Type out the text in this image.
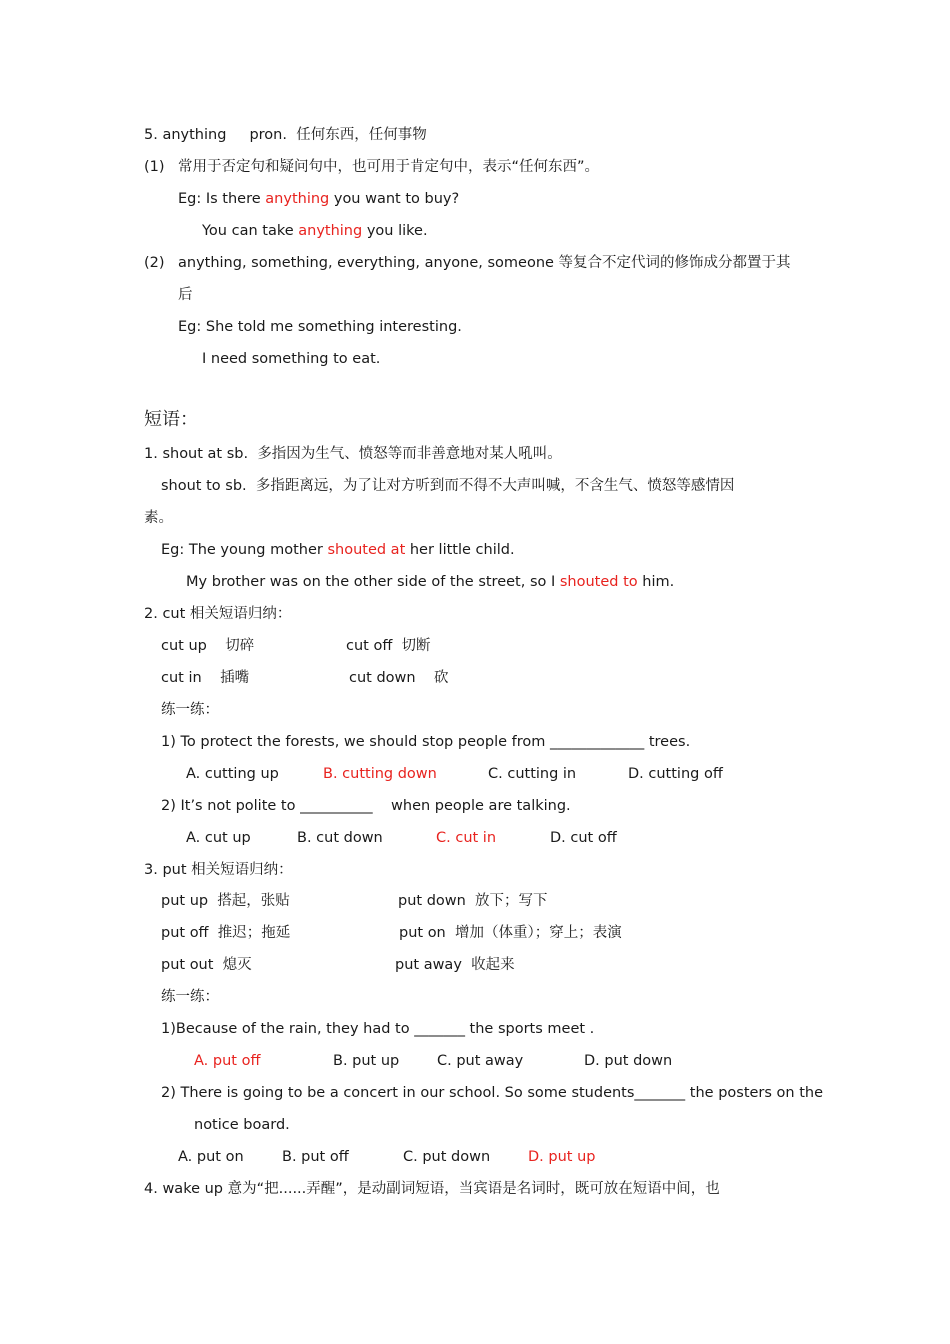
5. anything pron. 任何东西，任何事物
(1) 常用于否定句和疑问句中，也可用于肯定句中，表示“任何东西”。
Eg: Is there anything you want to buy?
You can take anything you like.
(2) anything, something, everything, anyone, someone 等复合不定代词的修饰成分都置于其
后
Eg: She told me something interesting.
I need something to eat.
短语：
1. shout at sb. 多指因为生气、愤怒等而非善意地对某人吼叫。
shout to sb. 多指距离远，为了让对方听到而不得不大声叫喊，不含生气、愤怒等感情因
素。
Eg: The young mother shouted at her little child.
My brother was on the other side of the street, so I shouted to him.
2. cut 相关短语归纳：
cut up 切碎	cut off 切断
cut in 插嘴	cut down 砍
练一练：
1) To protect the forests, we should stop people from _____________ trees.
A. cutting up	B. cutting down	C. cutting in	D. cutting off
2) It’s not polite to __________    when people are talking.
A. cut up	B. cut down	C. cut in	D. cut off
3. put 相关短语归纳：
put up 搭起，张贴	put down 放下；写下
put off 推迟；拖延	put on 增加（体重）；穿上；表演
put out 熄灭	put away 收起来
练一练：
1)Because of the rain, they had to _______ the sports meet .
A. put off	B. put up	C. put away	D. put down
2) There is going to be a concert in our school. So some students_______ the posters on the
notice board.
A. put on	B. put off	C. put down	D. put up
4. wake up 意为“把......弄醒”，是动副词短语，当宾语是名词时，既可放在短语中间，也
